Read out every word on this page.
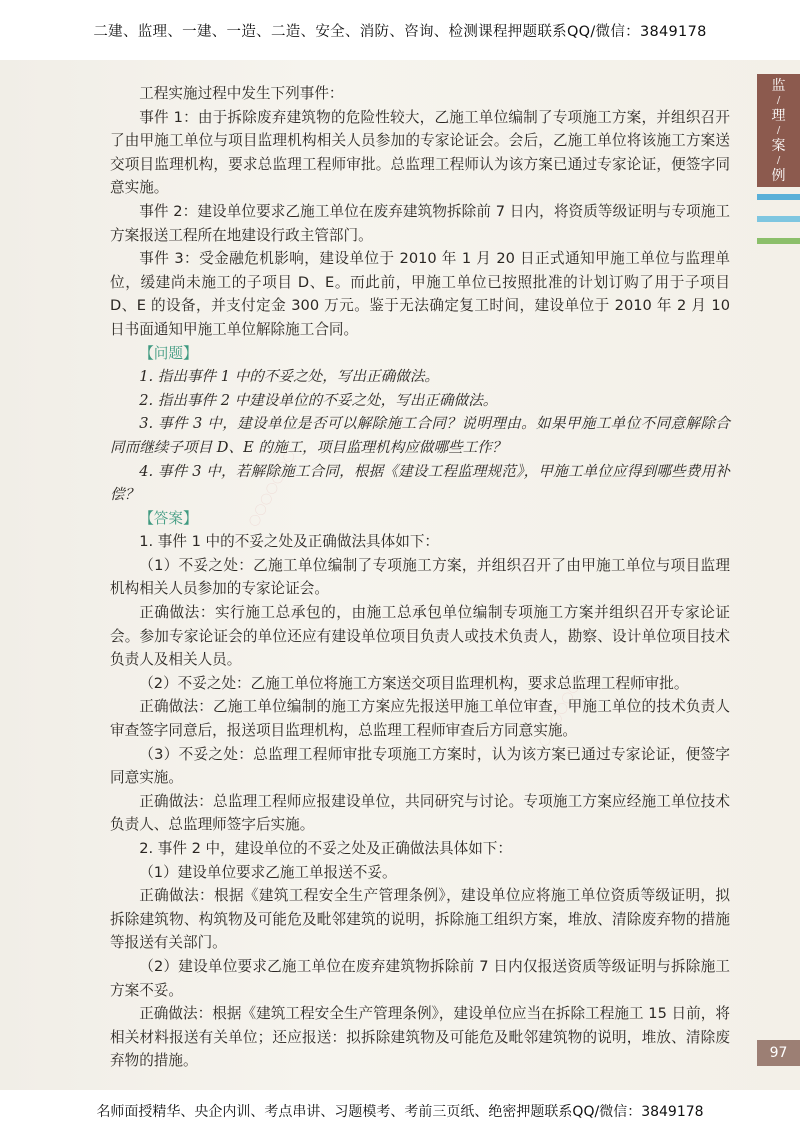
二建、监理、一建、一造、二造、安全、消防、咨询、检测课程押题联系QQ/微信：3849178
监
/
理
/
案
/
例
〇〇〇〇〇〇〇
〇〇〇〇〇〇〇

工程实施过程中发生下列事件：

事件 1：由于拆除废弃建筑物的危险性较大，乙施工单位编制了专项施工方案，并组织召开了由甲施工单位与项目监理机构相关人员参加的专家论证会。会后，乙施工单位将该施工方案送交项目监理机构，要求总监理工程师审批。总监理工程师认为该方案已通过专家论证，便签字同意实施。

事件 2：建设单位要求乙施工单位在废弃建筑物拆除前 7 日内，将资质等级证明与专项施工方案报送工程所在地建设行政主管部门。

事件 3：受金融危机影响，建设单位于 2010 年 1 月 20 日正式通知甲施工单位与监理单位，缓建尚未施工的子项目 D、E。而此前，甲施工单位已按照批准的计划订购了用于子项目 D、E 的设备，并支付定金 300 万元。鉴于无法确定复工时间，建设单位于 2010 年 2 月 10 日书面通知甲施工单位解除施工合同。

【问题】

1. 指出事件 1 中的不妥之处，写出正确做法。

2. 指出事件 2 中建设单位的不妥之处，写出正确做法。

3. 事件 3 中，建设单位是否可以解除施工合同？说明理由。如果甲施工单位不同意解除合同而继续子项目 D、E 的施工，项目监理机构应做哪些工作？

4. 事件 3 中，若解除施工合同，根据《建设工程监理规范》，甲施工单位应得到哪些费用补偿？

【答案】

1. 事件 1 中的不妥之处及正确做法具体如下：

（1）不妥之处：乙施工单位编制了专项施工方案，并组织召开了由甲施工单位与项目监理机构相关人员参加的专家论证会。

正确做法：实行施工总承包的，由施工总承包单位编制专项施工方案并组织召开专家论证会。参加专家论证会的单位还应有建设单位项目负责人或技术负责人，勘察、设计单位项目技术负责人及相关人员。

（2）不妥之处：乙施工单位将施工方案送交项目监理机构，要求总监理工程师审批。

正确做法：乙施工单位编制的施工方案应先报送甲施工单位审查，甲施工单位的技术负责人审查签字同意后，报送项目监理机构，总监理工程师审查后方同意实施。

（3）不妥之处：总监理工程师审批专项施工方案时，认为该方案已通过专家论证，便签字同意实施。

正确做法：总监理工程师应报建设单位，共同研究与讨论。专项施工方案应经施工单位技术负责人、总监理师签字后实施。

2. 事件 2 中，建设单位的不妥之处及正确做法具体如下：

（1）建设单位要求乙施工单报送不妥。

正确做法：根据《建筑工程安全生产管理条例》，建设单位应将施工单位资质等级证明，拟拆除建筑物、构筑物及可能危及毗邻建筑的说明，拆除施工组织方案，堆放、清除废弃物的措施等报送有关部门。

（2）建设单位要求乙施工单位在废弃建筑物拆除前 7 日内仅报送资质等级证明与拆除施工方案不妥。

正确做法：根据《建筑工程安全生产管理条例》，建设单位应当在拆除工程施工 15 日前，将相关材料报送有关单位；还应报送：拟拆除建筑物及可能危及毗邻建筑物的说明，堆放、清除废弃物的措施。	97
名师面授精华、央企内训、考点串讲、习题模考、考前三页纸、绝密押题联系QQ/微信：3849178
